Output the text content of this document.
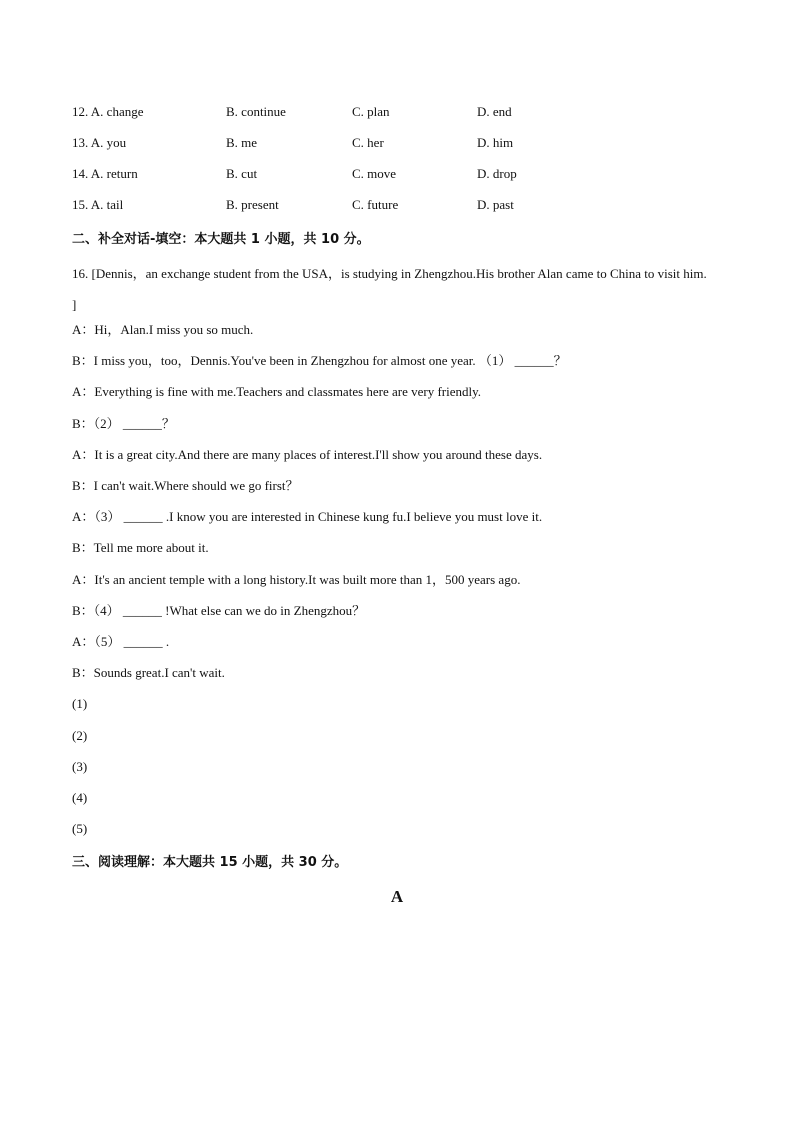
12. A. change	B. continue	C. plan	D. end
13. A. you	B. me	C. her	D. him
14. A. return	B. cut	C. move	D. drop
15. A. tail	B. present	C. future	D. past
二、补全对话-填空：本大题共 1 小题，共 10 分。
16. [Dennis，an exchange student from the USA，is studying in Zhengzhou.His brother Alan came to China to visit him. ]
A：Hi，Alan.I miss you so much.
B：I miss you，too，Dennis.You've been in Zhengzhou for almost one year. （1） ______？
A：Everything is fine with me.Teachers and classmates here are very friendly.
B：（2） ______？
A：It is a great city.And there are many places of interest.I'll show you around these days.
B：I can't wait.Where should we go first？
A：（3） ______ .I know you are interested in Chinese kung fu.I believe you must love it.
B：Tell me more about it.
A：It's an ancient temple with a long history.It was built more than 1，500 years ago.
B：（4） ______ !What else can we do in Zhengzhou？
A：（5） ______ .
B：Sounds great.I can't wait.
(1)
(2)
(3)
(4)
(5)
三、阅读理解：本大题共 15 小题，共 30 分。
A
